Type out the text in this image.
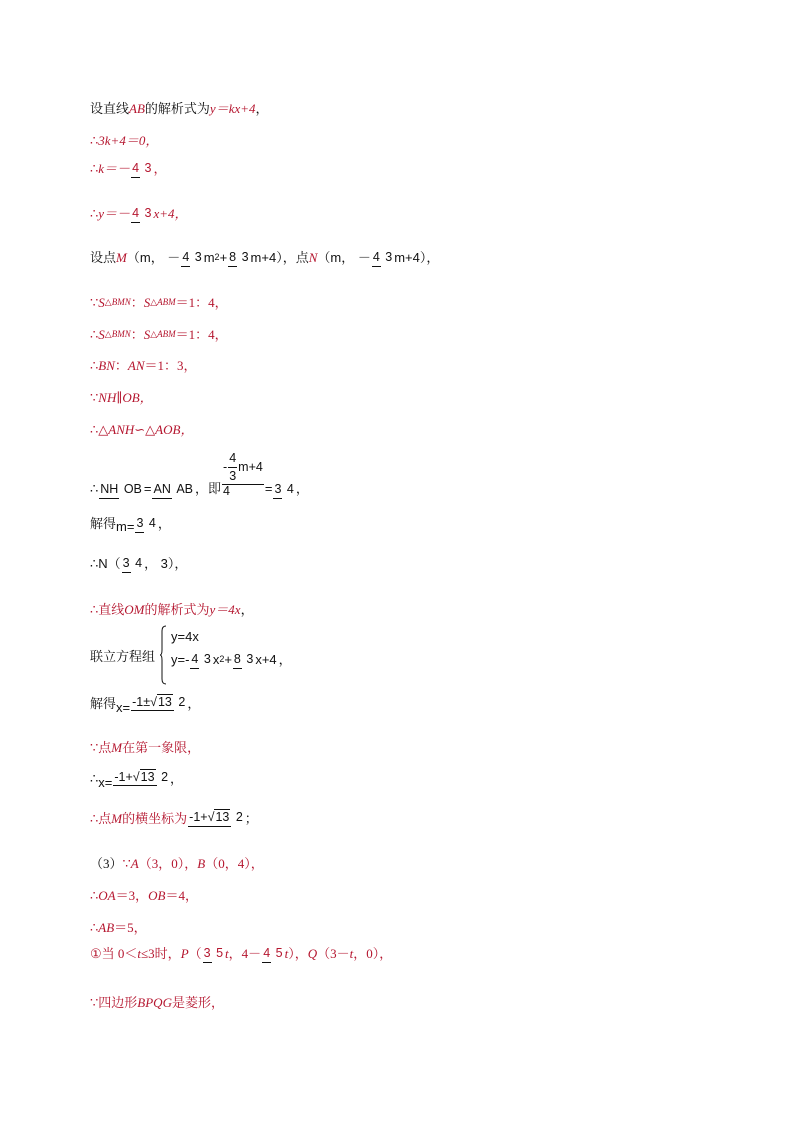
设直线 AB 的解析式为 y＝kx+4 ，
∴ 3k+4＝0，
∴ k＝－ 4 3 ，
∴ y＝－ 4 3 x+4，
设点 M （m， － 4 3 m 2 + 8 3 m+4），点 N （m， － 4 3 m+4），
∵ S △BMN ： S △ABM ＝1：4，
∴ S △BMN ： S △ABM ＝1：4，
∴ BN ： AN ＝1：3，
∵ NH∥OB，
∴ △ANH∽△AOB，
∴ NH OB = AN AB ，即
- $\frac{4}{3} m+4$
4	= 3 4 ，
解得 m= 3 4 ，
∴ N（ 3 4 ， 3），
∴ 直线 OM 的解析式为 y＝4x ，
联立方程组
y=4x
y=- 4 3 x 2 + 8 3 x+4 ，
解得 x= -1± √ 13 2 ，
∵ 点 M 在第一象限，
∴ x= -1+ √ 13 2 ，
∴ 点 M 的横坐标为 -1+ √ 13 2 ；
（3） ∵ A （3，0）， B （0，4），
∴ OA ＝3， OB ＝4，
∴ AB ＝5，
① 当 0＜ t ≤3时， P （ 3 5 t ，4－ 4 5 t ）， Q （3－ t ，0），
∵ 四边形 BPQG 是菱形，
